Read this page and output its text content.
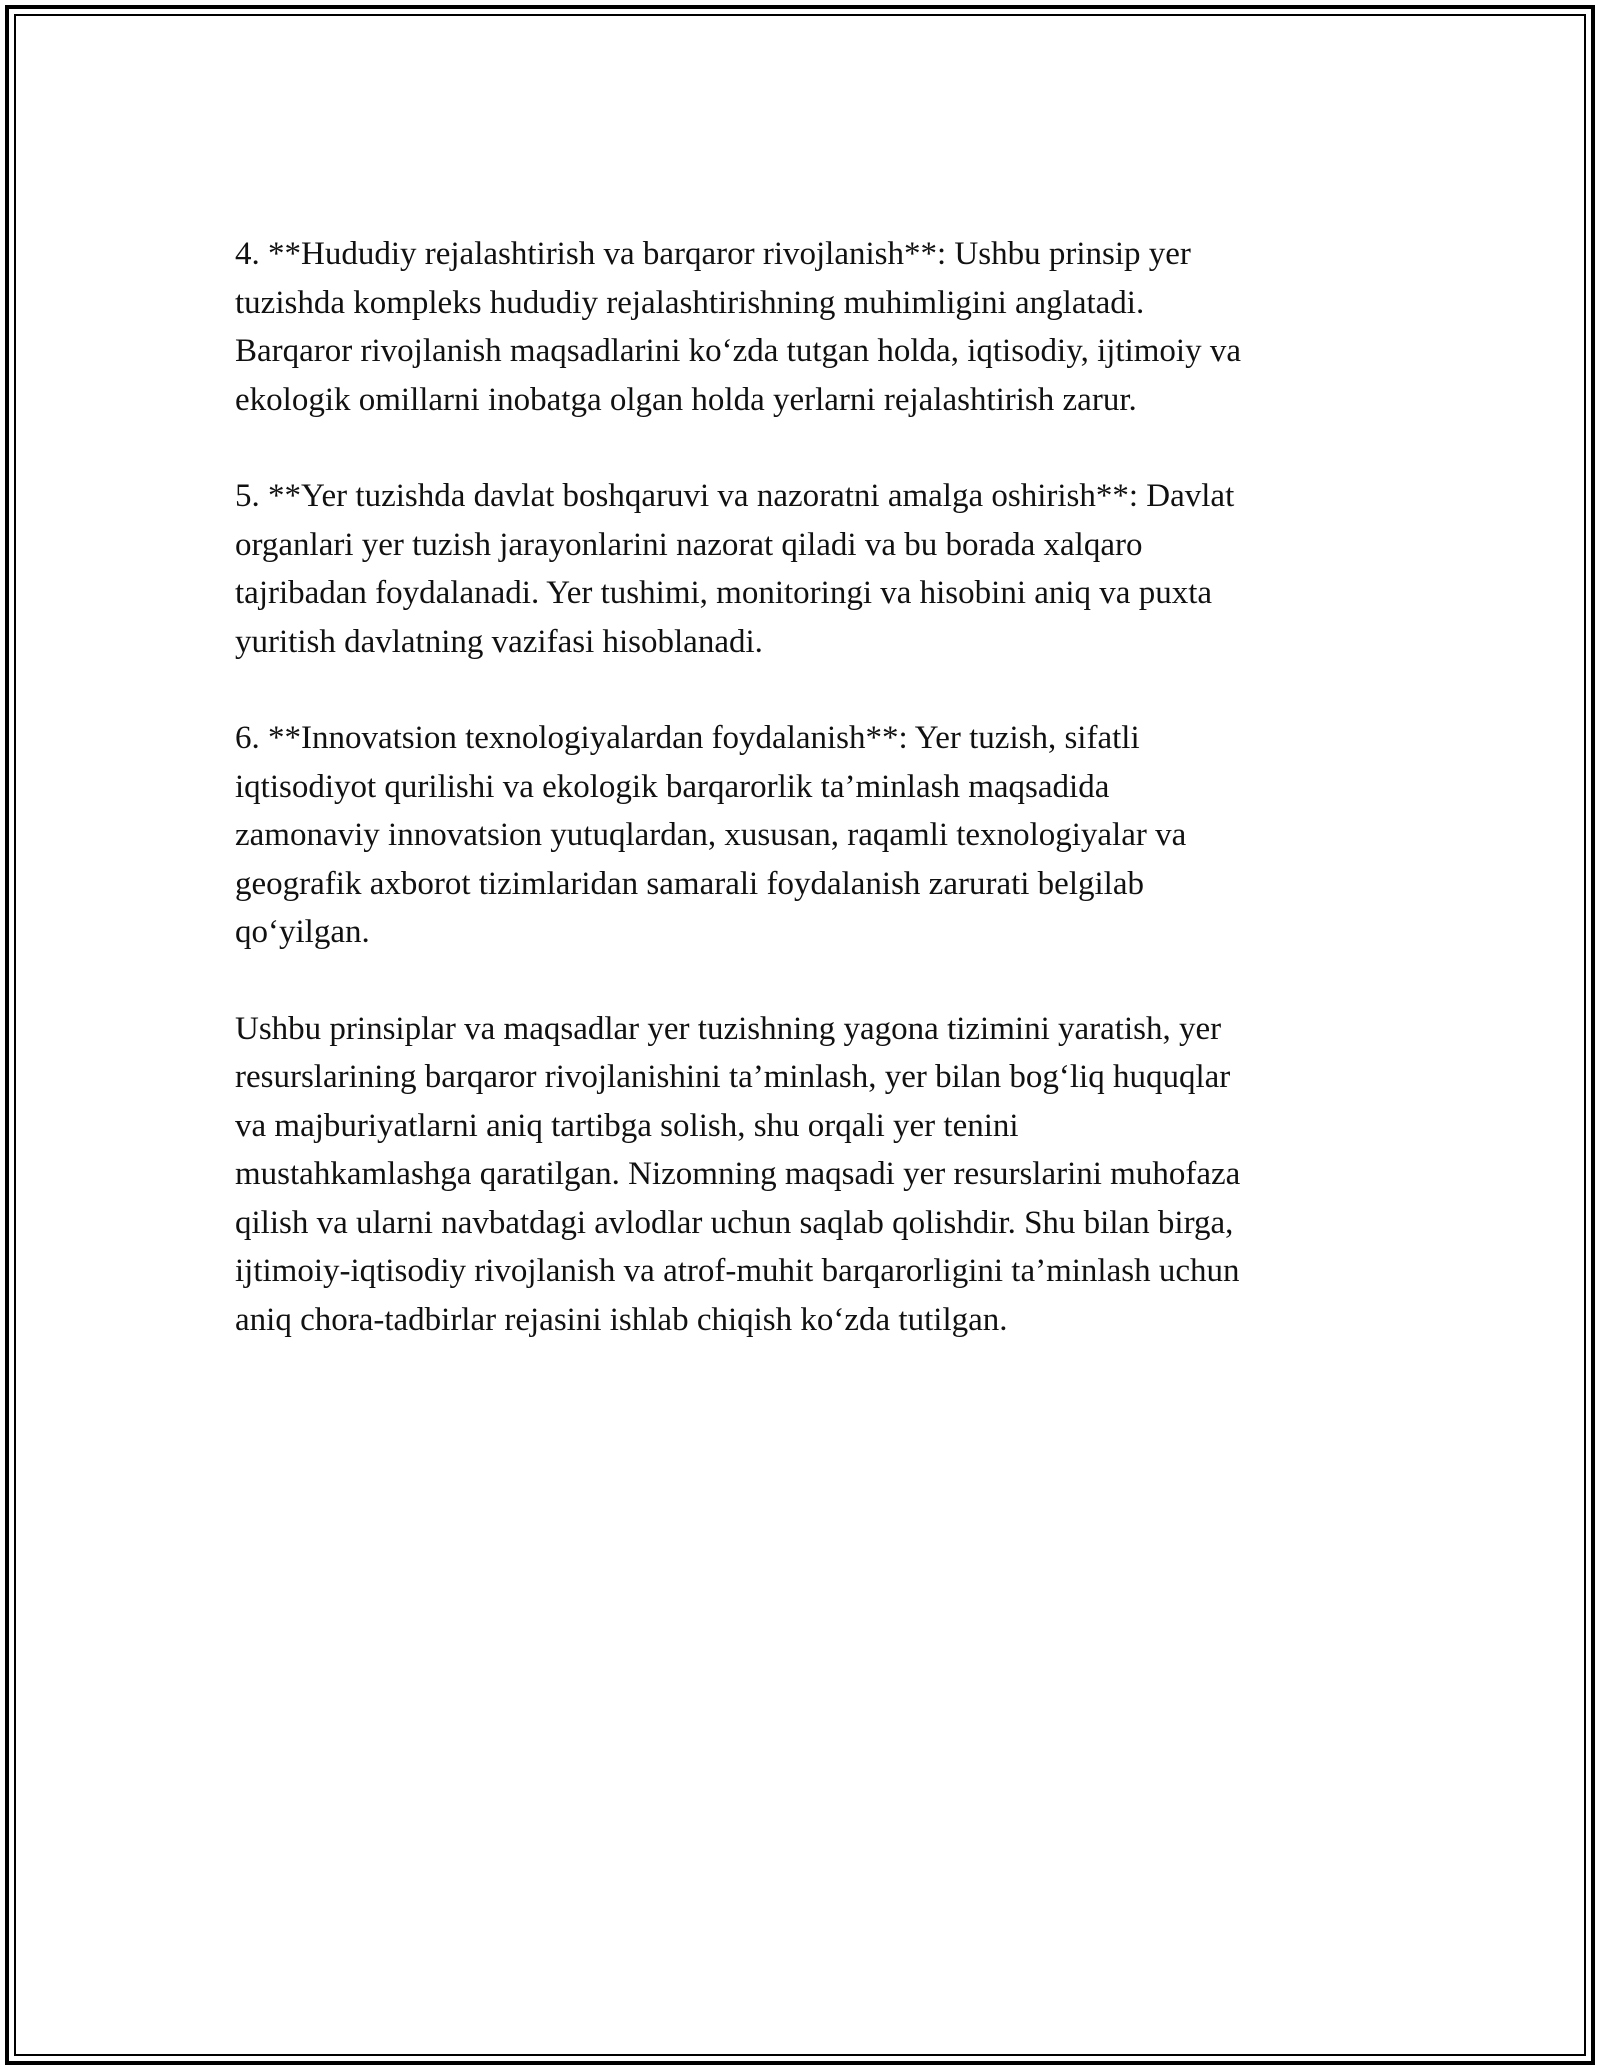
4. **Hududiy rejalashtirish va barqaror rivojlanish**: Ushbu prinsip yer
tuzishda kompleks hududiy rejalashtirishning muhimligini anglatadi.
Barqaror rivojlanish maqsadlarini ko‘zda tutgan holda, iqtisodiy, ijtimoiy va
ekologik omillarni inobatga olgan holda yerlarni rejalashtirish zarur.

5. **Yer tuzishda davlat boshqaruvi va nazoratni amalga oshirish**: Davlat
organlari yer tuzish jarayonlarini nazorat qiladi va bu borada xalqaro
tajribadan foydalanadi. Yer tushimi, monitoringi va hisobini aniq va puxta
yuritish davlatning vazifasi hisoblanadi.

6. **Innovatsion texnologiyalardan foydalanish**: Yer tuzish, sifatli
iqtisodiyot qurilishi va ekologik barqarorlik ta’minlash maqsadida
zamonaviy innovatsion yutuqlardan, xususan, raqamli texnologiyalar va
geografik axborot tizimlaridan samarali foydalanish zarurati belgilab
qo‘yilgan.

Ushbu prinsiplar va maqsadlar yer tuzishning yagona tizimini yaratish, yer
resurslarining barqaror rivojlanishini ta’minlash, yer bilan bog‘liq huquqlar
va majburiyatlarni aniq tartibga solish, shu orqali yer tenini
mustahkamlashga qaratilgan. Nizomning maqsadi yer resurslarini muhofaza
qilish va ularni navbatdagi avlodlar uchun saqlab qolishdir. Shu bilan birga,
ijtimoiy-iqtisodiy rivojlanish va atrof-muhit barqarorligini ta’minlash uchun
aniq chora-tadbirlar rejasini ishlab chiqish ko‘zda tutilgan.
